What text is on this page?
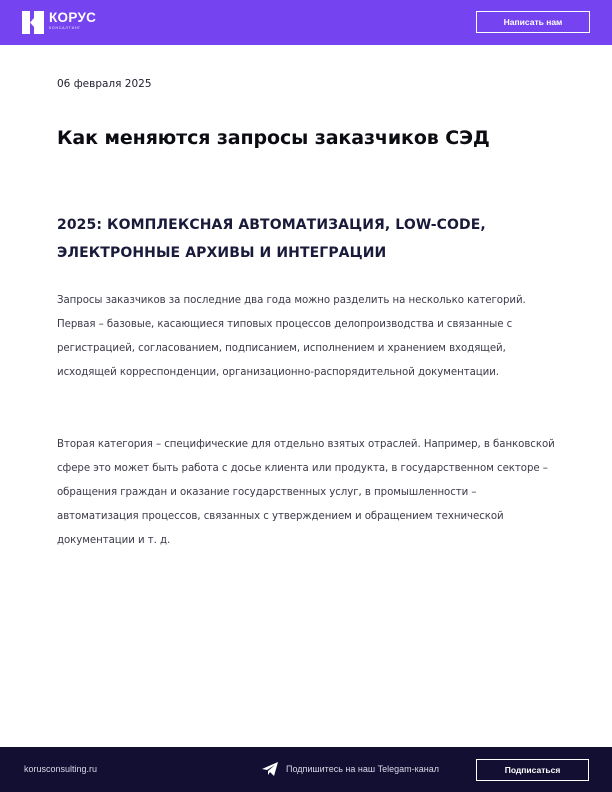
КОРУС
КОНСАЛТИНГ
Написать нам
06 февраля 2025
Как меняются запросы заказчиков СЭД
2025: КОМПЛЕКСНАЯ АВТОМАТИЗАЦИЯ, LOW-CODE, ЭЛЕКТРОННЫЕ АРХИВЫ И ИНТЕГРАЦИИ

Запросы заказчиков за последние два года можно разделить на несколько категорий. Первая – базовые, касающиеся типовых процессов делопроизводства и связанные с регистрацией, согласованием, подписанием, исполнением и хранением входящей, исходящей корреспонденции, организационно-распорядительной документации.

Вторая категория – специфические для отдельно взятых отраслей. Например, в банковской сфере это может быть работа с досье клиента или продукта, в государственном секторе – обращения граждан и оказание государственных услуг, в промышленности – автоматизация процессов, связанных с утверждением и обращением технической документации и т. д.

korusconsulting.ru	Подпишитесь на наш Telegam-канал	Подписаться
